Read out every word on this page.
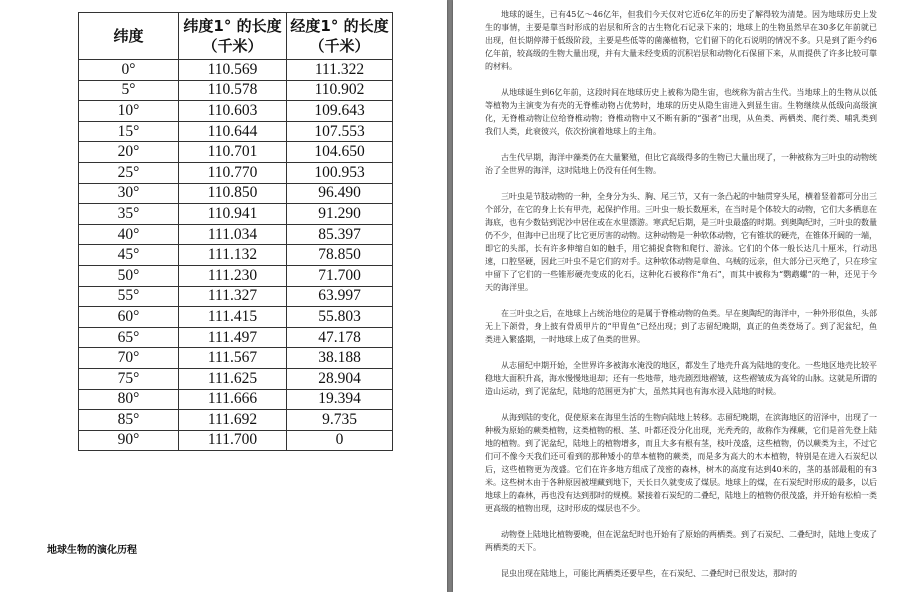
纬度	纬度1° 的长度（千米）	经度1° 的长度（千米）
0°	110.569	111.322
5°	110.578	110.902
10°	110.603	109.643
15°	110.644	107.553
20°	110.701	104.650
25°	110.770	100.953
30°	110.850	96.490
35°	110.941	91.290
40°	111.034	85.397
45°	111.132	78.850
50°	111.230	71.700
55°	111.327	63.997
60°	111.415	55.803
65°	111.497	47.178
70°	111.567	38.188
75°	111.625	28.904
80°	111.666	19.394
85°	111.692	9.735
90°	111.700	0
地球生物的演化历程

地球的诞生，已有45亿～46亿年，但我们今天仅对它近6亿年的历史了解得较为清楚。因为地球历史上发生的事情，主要是靠当时形成的岩层和所含的古生物化石记录下来的；地球上的生物虽然早在30多亿年前就已出现，但长期停滞于低级阶段，主要是些低等的菌藻植物，它们留下的化石说明的情况不多。只是到了距今约6亿年前，较高级的生物大量出现，并有大量未经变质的沉积岩层和动物化石保留下来，从而提供了许多比较可靠的材料。

从地球诞生到6亿年前，这段时间在地球历史上被称为隐生宙，也统称为前古生代。当地球上的生物从以低等植物为主演变为有壳的无脊椎动物占优势时，地球的历史从隐生宙进入到显生宙。生物继续从低级向高级演化，无脊椎动物让位给脊椎动物；脊椎动物中又不断有新的“强者”出现，从鱼类、两栖类、爬行类、哺乳类到我们人类，此衰彼兴，依次扮演着地球上的主角。

古生代早期，海洋中藻类仍在大量繁殖，但比它高级得多的生物已大量出现了，一种被称为三叶虫的动物统治了全世界的海洋，这时陆地上仍没有任何生物。

三叶虫是节肢动物的一种，全身分为头、胸、尾三节，又有一条凸起的中轴贯穿头尾，横着竖着都可分出三个部分，在它的身上长有甲壳，起保护作用。三叶虫一般长数厘米，在当时是个体较大的动物，它们大多栖息在海底，也有少数钻到泥沙中居住或在水里漂游。寒武纪后期，是三叶虫最盛的时期。到奥陶纪时，三叶虫的数量仍不少，但海中已出现了比它更厉害的动物。这种动物是一种软体动物，它有锥状的硬壳，在锥体开阔的一端，即它的头部，长有许多伸缩自如的触手，用它捕捉食物和爬行、游泳。它们的个体一般长达几十厘米，行动迅速，口腔坚硬，因此三叶虫不是它们的对手。这种软体动物是章鱼、乌贼的远亲，但大部分已灭绝了，只在珍宝中留下了它们的一些锥形硬壳变成的化石，这种化石被称作“角石”，而其中被称为“鹦鹉螺”的一种，还见于今天的海洋里。

在三叶虫之后，在地球上占统治地位的是属于脊椎动物的鱼类。早在奥陶纪的海洋中，一种外形似鱼，头部无上下颌骨，身上披有骨质甲片的“甲胄鱼”已经出现；到了志留纪晚期，真正的鱼类登场了。到了泥盆纪，鱼类进入繁盛期，一时地球上成了鱼类的世界。

从志留纪中期开始，全世界许多被海水淹没的地区，都发生了地壳升高为陆地的变化。一些地区地壳比较平稳地大面积升高，海水慢慢地退却；还有一些地带，地壳剧烈地褶皱，这些褶皱成为高耸的山脉。这就是所谓的造山运动，到了泥盆纪，陆地的范围更为扩大，虽然其间也有海水浸入陆地的时候。

从海到陆的变化，促使原来在海里生活的生物向陆地上转移。志留纪晚期，在滨海地区的沼泽中，出现了一种极为原始的蕨类植物，这类植物的根、茎、叶都还没分化出现，光秃秃的，故称作为裸蕨，它们是首先登上陆地的植物。到了泥盆纪，陆地上的植物增多，而且大多有根有茎，枝叶茂盛，这些植物，仍以蕨类为主，不过它们可不像今天我们还可看到的那种矮小的草本植物的蕨类，而是多为高大的木本植物，特别是在进入石炭纪以后，这些植物更为茂盛。它们在许多地方组成了茂密的森林，树木的高度有达到40米的，茎的基部最粗的有3米。这些树木由于各种原因被埋藏到地下，天长日久就变成了煤层。地球上的煤，在石炭纪时形成的最多，以后地球上的森林，再也没有达到那时的规模。紧接着石炭纪的二叠纪，陆地上的植物仍很茂盛，并开始有松柏一类更高级的植物出现，这时形成的煤层也不少。

动物登上陆地比植物要晚，但在泥盆纪时也开始有了原始的两栖类。到了石炭纪、二叠纪时，陆地上变成了两栖类的天下。

昆虫出现在陆地上，可能比两栖类还要早些，在石炭纪、二叠纪时已很发达，那时的
